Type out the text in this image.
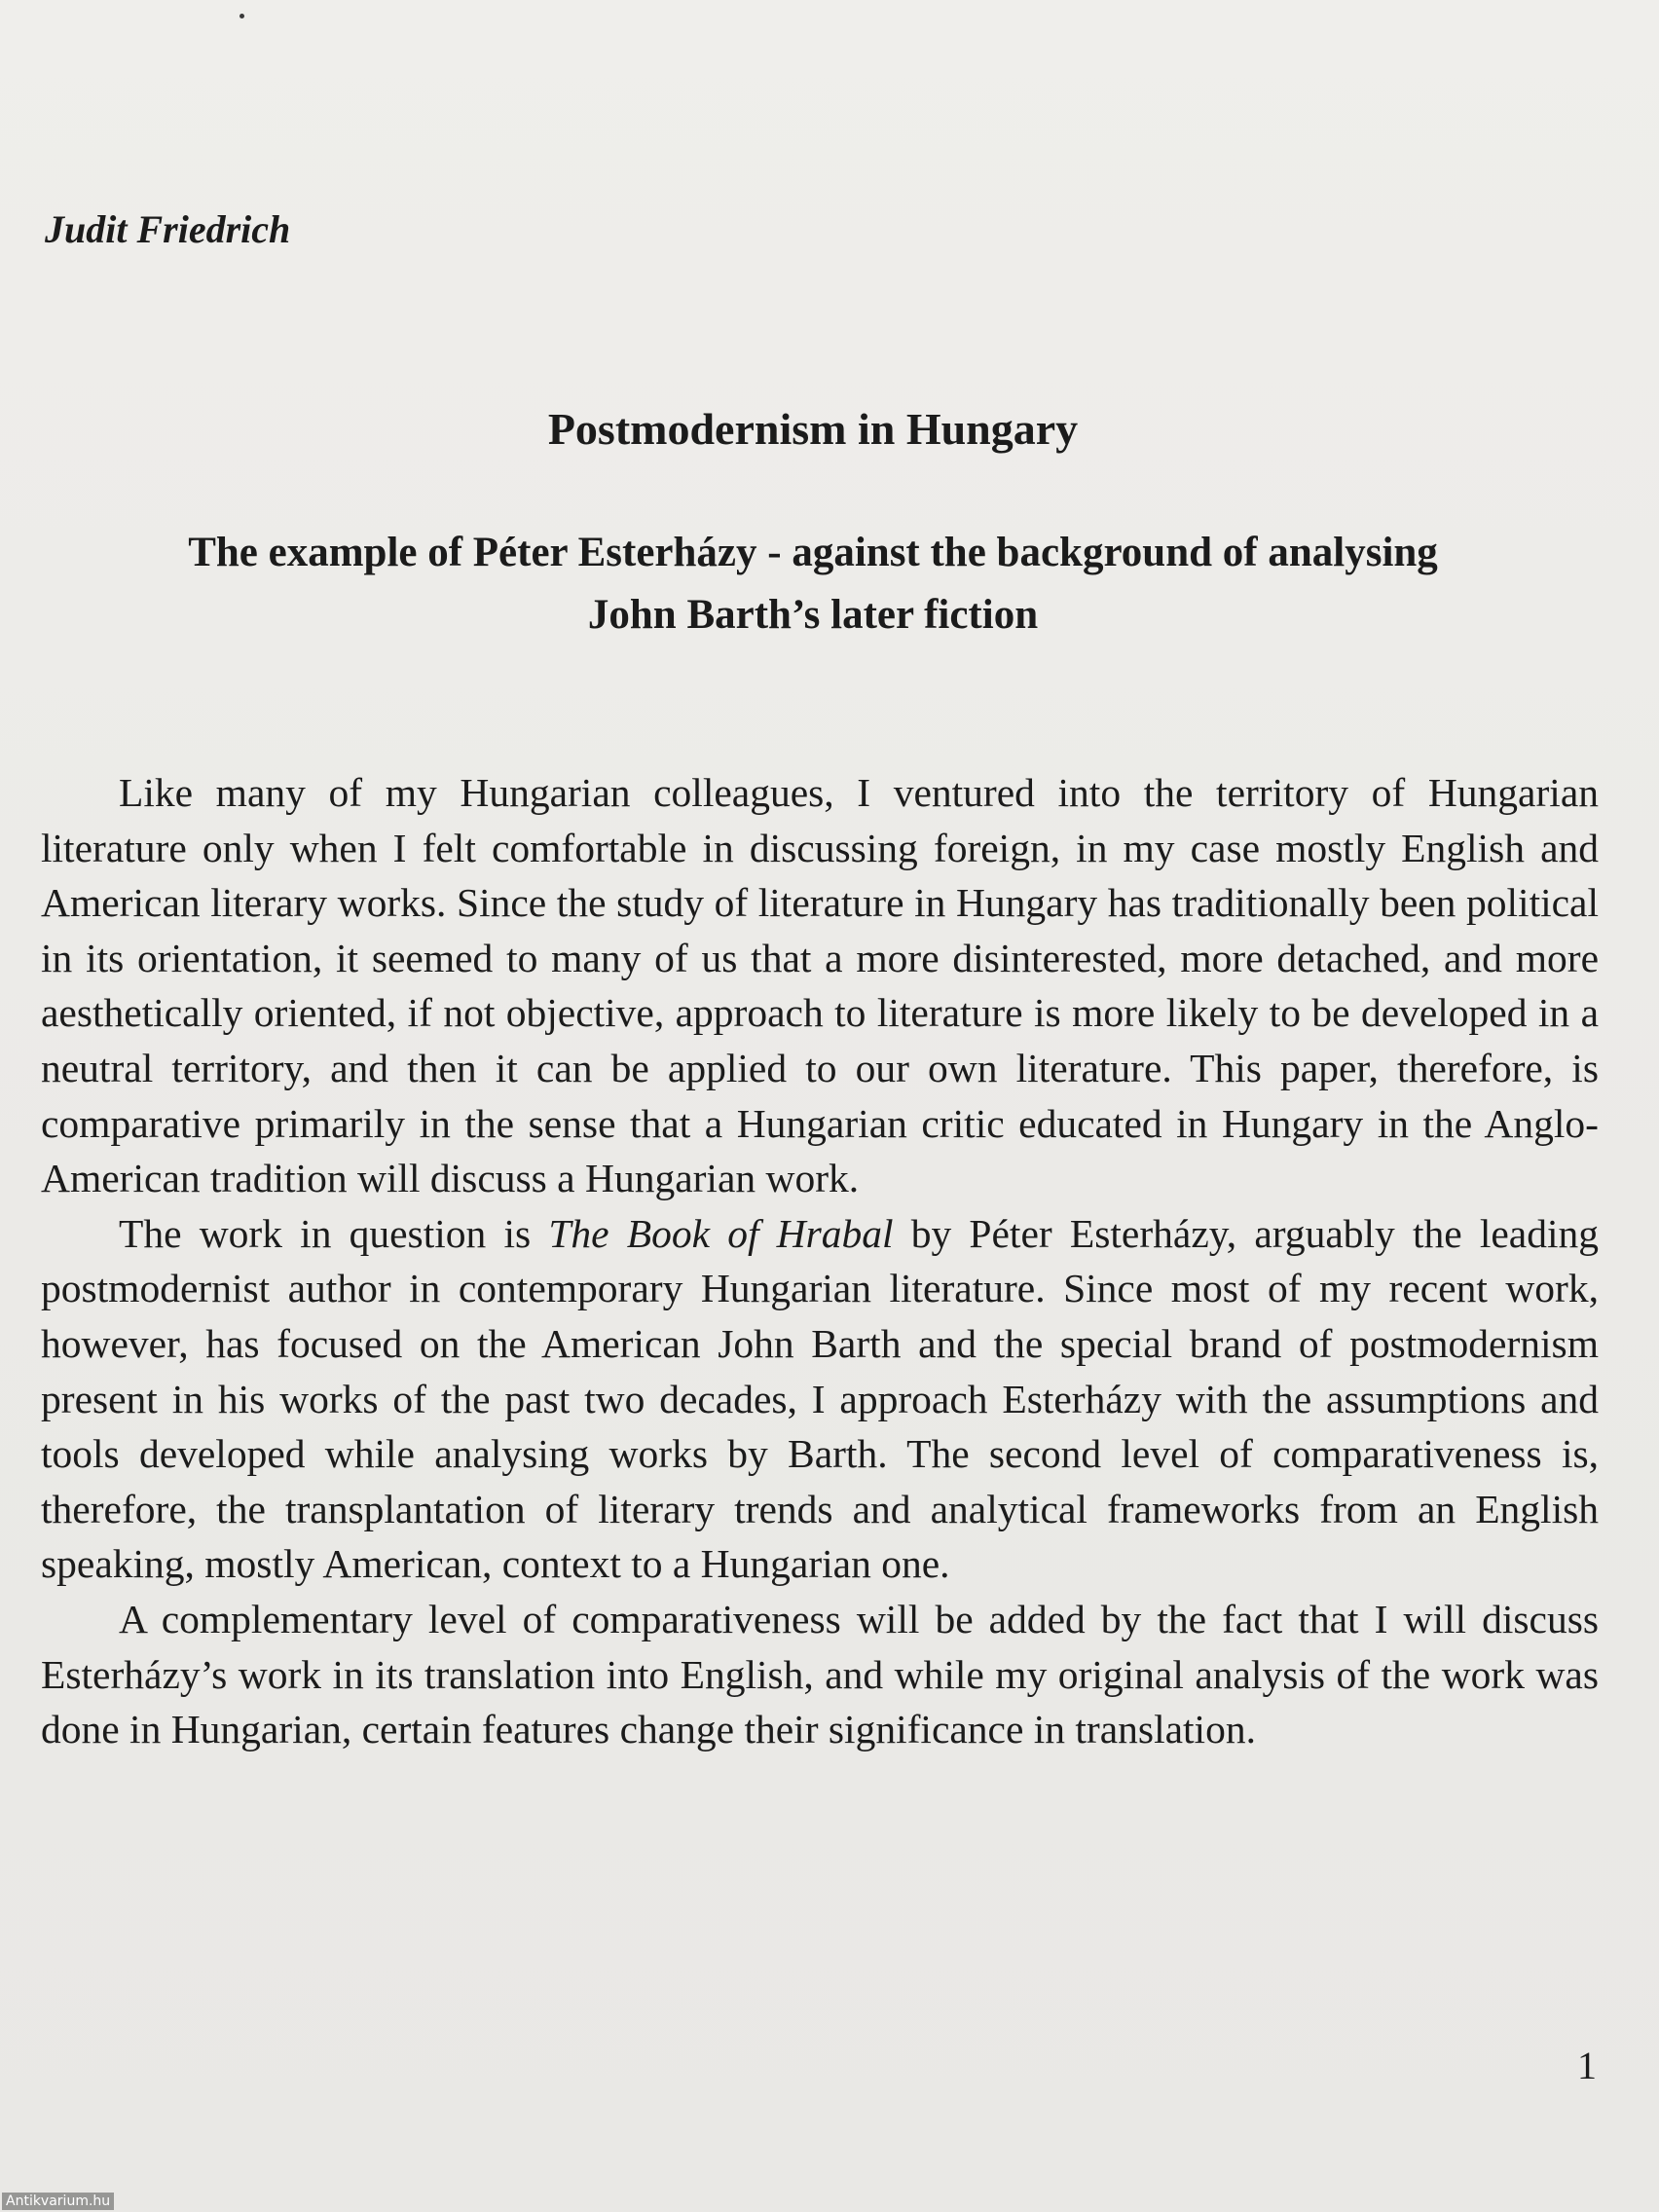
Judit Friedrich
Postmodernism in Hungary
The example of Péter Esterházy - against the background of analysing
John Barth’s later fiction

Like many of my Hungarian colleagues, I ventured into the territory of Hungarian literature only when I felt comfortable in discussing foreign, in my case mostly English and American literary works. Since the study of literature in Hungary has traditionally been political in its orientation, it seemed to many of us that a more disinterested, more detached, and more aesthetically oriented, if not objective, approach to literature is more likely to be developed in a neutral territory, and then it can be applied to our own literature. This paper, therefore, is comparative primarily in the sense that a Hungarian critic educated in Hungary in the Anglo-American tradition will discuss a Hungarian work.

The work in question is The Book of Hrabal by Péter Esterházy, arguably the leading postmodernist author in contemporary Hungarian literature. Since most of my recent work, however, has focused on the American John Barth and the special brand of postmodernism present in his works of the past two decades, I approach Esterházy with the assumptions and tools developed while analysing works by Barth. The second level of comparativeness is, therefore, the transplantation of literary trends and analytical frameworks from an English speaking, mostly American, context to a Hungarian one.

A complementary level of comparativeness will be added by the fact that I will discuss Esterházy’s work in its translation into English, and while my original analysis of the work was done in Hungarian, certain features change their significance in translation.

1
Antikvarium.hu
